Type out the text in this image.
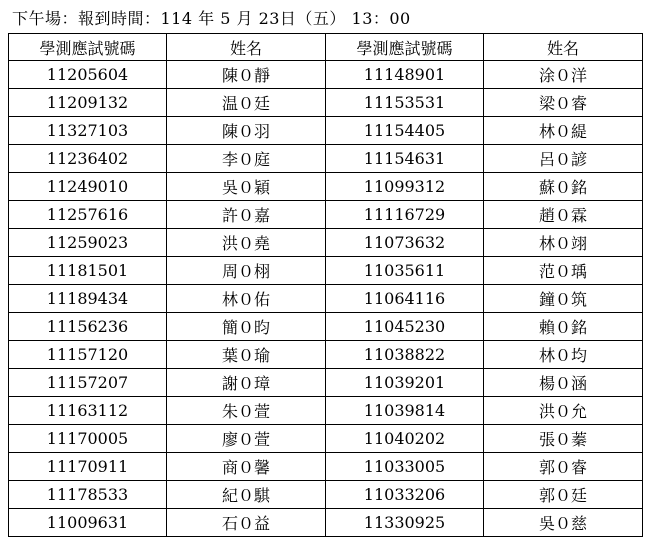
下午場：報到時間：114 年 5 月 23日（五） 13：00
學測應試號碼	姓名	學測應試號碼	姓名
11205604	陳０靜	11148901	涂０洋
11209132	温０廷	11153531	梁０睿
11327103	陳０羽	11154405	林０緹
11236402	李０庭	11154631	呂０諺
11249010	吳０穎	11099312	蘇０銘
11257616	許０嘉	11116729	趙０霖
11259023	洪０堯	11073632	林０翊
11181501	周０栩	11035611	范０瑀
11189434	林０佑	11064116	鐘０筑
11156236	簡０昀	11045230	賴０銘
11157120	葉０瑜	11038822	林０均
11157207	謝０璋	11039201	楊０涵
11163112	朱０萱	11039814	洪０允
11170005	廖０萱	11040202	張０蓁
11170911	商０馨	11033005	郭０睿
11178533	紀０騏	11033206	郭０廷
11009631	石０益	11330925	吳０慈
